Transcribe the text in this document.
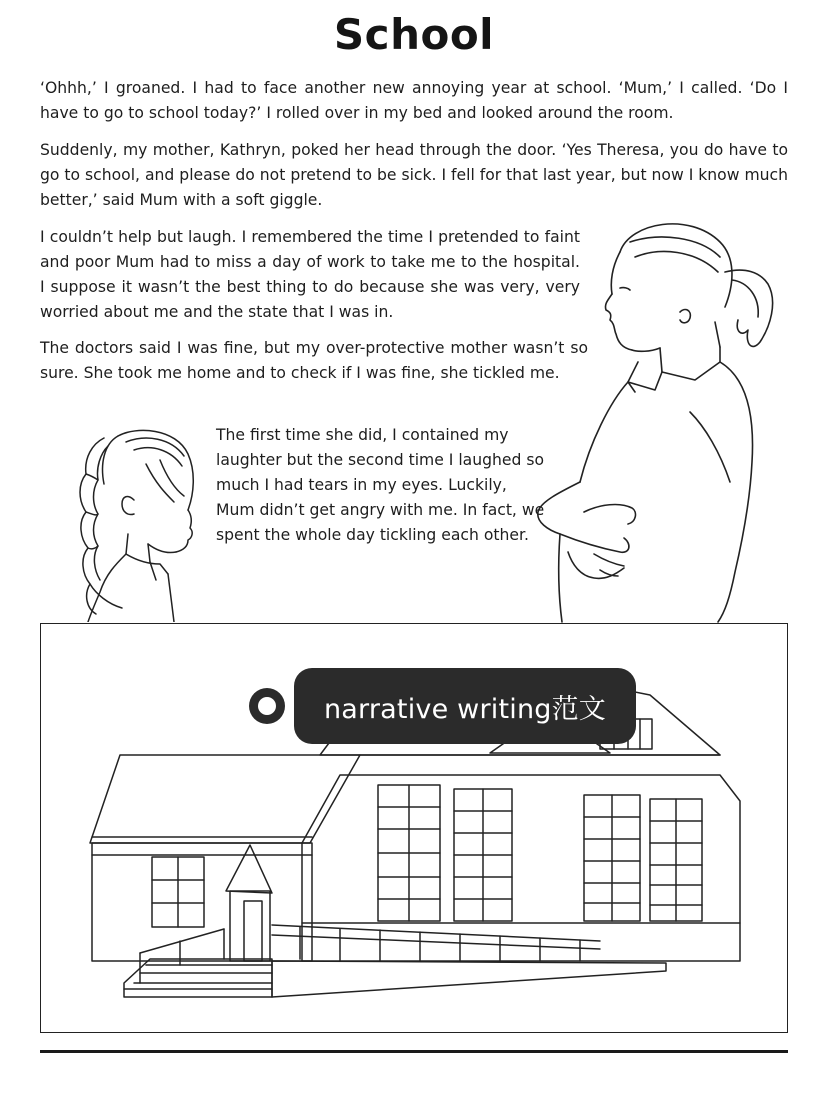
School

‘Ohhh,’ I groaned. I had to face another new annoying year at school. ‘Mum,’ I called. ‘Do I have to go to school today?’ I rolled over in my bed and looked around the room.

Suddenly, my mother, Kathryn, poked her head through the door. ‘Yes Theresa, you do have to go to school, and please do not pretend to be sick. I fell for that last year, but now I know much better,’ said Mum with a soft giggle.

I couldn’t help but laugh. I remembered the time I pretended to faint and poor Mum had to miss a day of work to take me to the hospital. I suppose it wasn’t the best thing to do because she was very, very worried about me and the state that I was in.

The doctors said I was fine, but my over-protective mother wasn’t so sure. She took me home and to check if I was fine, she tickled me.

The first time she did, I contained my laughter but the second time I laughed so much I had tears in my eyes. Luckily, Mum didn’t get angry with me. In fact, we spent the whole day tickling each other.

narrative writing范文
